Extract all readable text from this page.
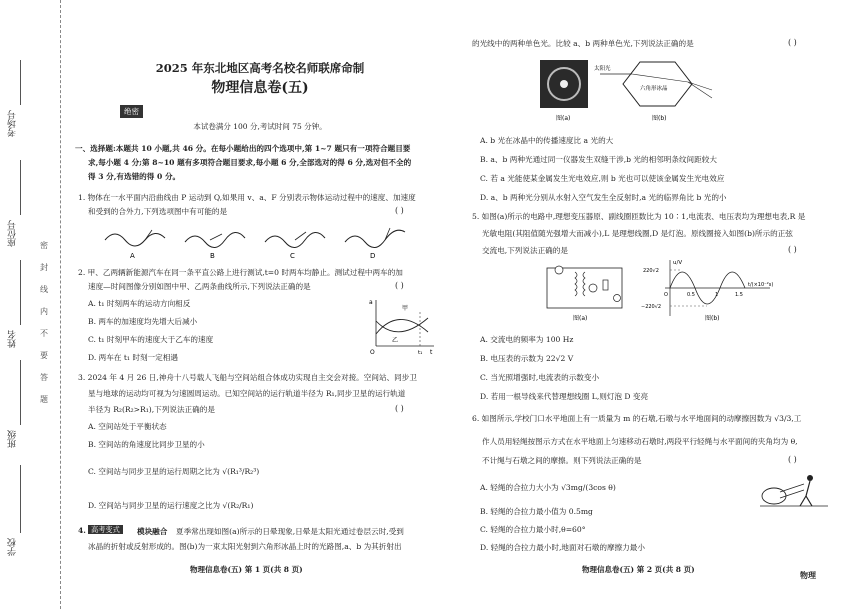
考场号
座位号
姓名
班级
学校
密
封
线
内
不
要
答
题
2025 年东北地区高考名校名师联席命制
物理信息卷(五)
绝密
本试卷满分 100 分,考试时间 75 分钟。
一、选择题:本题共 10 小题,共 46 分。在每小题给出的四个选项中,第 1~7 题只有一项符合题目要
求,每小题 4 分;第 8~10 题有多项符合题目要求,每小题 6 分,全部选对的得 6 分,选对但不全的
得 3 分,有选错的得 0 分。
1. 物体在一水平面内沿曲线由 P 运动到 Q,如果用 v、a、F 分别表示物体运动过程中的速度、加速度
和受到的合外力,下列选项图中有可能的是	( )
A	B	C	D
2. 甲、乙两辆新能源汽车在同一条平直公路上进行测试,t=0 时两车均静止。测试过程中两车的加
速度—时间图像分别如图中甲、乙两条曲线所示,下列说法正确的是	( )
A. t₁ 时刻两车的运动方向相反
B. 两车的加速度均先增大后减小
C. t₁ 时刻甲车的速度大于乙车的速度
D. 两车在 t₁ 时刻一定相遇
a
t
t₁
甲
乙
O
3. 2024 年 4 月 26 日,神舟十八号载人飞船与空间站组合体成功实现自主交会对接。空间站、同步卫
星与地球的运动均可视为匀速圆周运动。已知空间站的运行轨道半径为 R₁,同步卫星的运行轨道
半径为 R₂(R₂>R₁),下列说法正确的是	( )
A. 空间站处于平衡状态
B. 空间站的角速度比同步卫星的小
C. 空间站与同步卫星的运行周期之比为 √(R₁³/R₂³)
D. 空间站与同步卫星的运行速度之比为 √(R₂/R₁)
4. 高考变式	模块融合 夏季常出现如图(a)所示的日晕现象,日晕是太阳光通过卷层云时,受到
冰晶的折射或反射形成的。图(b)为一束太阳光射到六角形冰晶上时的光路图,a、b 为其折射出
的光线中的两种单色光。比较 a、b 两种单色光,下列说法正确的是	( )
图(a)
太阳光
六角形冰晶
图(b)
A. b 光在冰晶中的传播速度比 a 光的大
B. a、b 两种光通过同一仪器发生双缝干涉,b 光的相邻明条纹间距较大
C. 若 a 光能使某金属发生光电效应,则 b 光也可以使该金属发生光电效应
D. a、b 两种光分别从水射入空气发生全反射时,a 光的临界角比 b 光的小
5. 如图(a)所示的电路中,理想变压器原、副线圈匝数比为 10∶1,电流表、电压表均为理想电表,R 是
光敏电阻(其阻值随光强增大而减小),L 是理想线圈,D 是灯泡。原线圈接入如图(b)所示的正弦
交流电,下列说法正确的是	( )
图(a)
u/V
220√2
−220√2
0.5	1	1.5
t/(×10⁻²s)
O
图(b)
A. 交流电的频率为 100 Hz
B. 电压表的示数为 22√2 V
C. 当光照增强时,电流表的示数变小
D. 若用一根导线来代替理想线圈 L,则灯泡 D 变亮
6. 如图所示,学校门口水平地面上有一质量为 m 的石墩,石墩与水平地面间的动摩擦因数为 √3/3,工
作人员用轻绳按图示方式在水平地面上匀速移动石墩时,两段平行轻绳与水平面间的夹角均为 θ,
不计绳与石墩之间的摩擦。则下列说法正确的是	( )
A. 轻绳的合拉力大小为 √3mg/(3cos θ)
B. 轻绳的合拉力最小值为 0.5mg
C. 轻绳的合拉力最小时,θ=60°
D. 轻绳的合拉力最小时,地面对石墩的摩擦力最小
物理信息卷(五) 第 1 页(共 8 页)	物理信息卷(五) 第 2 页(共 8 页)
物理
